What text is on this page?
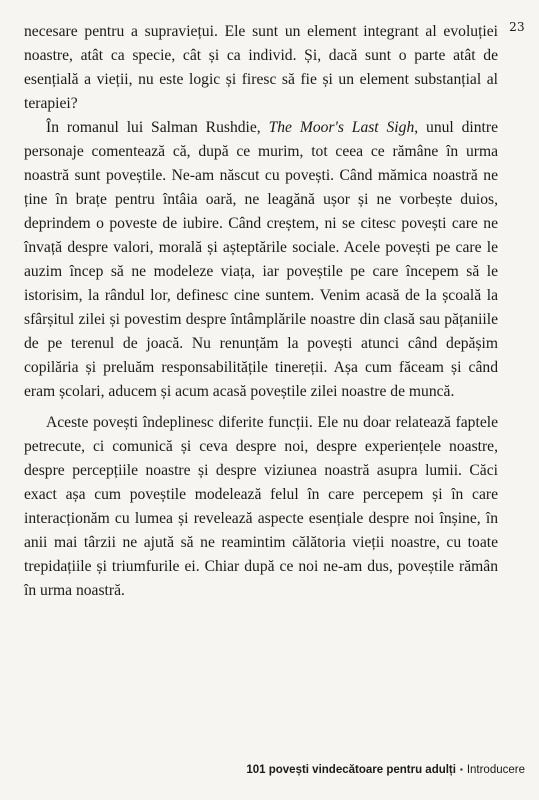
23

necesare pentru a supraviețui. Ele sunt un element integrant al evoluției noastre, atât ca specie, cât și ca individ. Și, dacă sunt o parte atât de esențială a vieții, nu este logic și firesc să fie și un element substanțial al terapiei?

În romanul lui Salman Rushdie, The Moor's Last Sigh, unul dintre personaje comentează că, după ce murim, tot ceea ce rămâne în urma noastră sunt poveștile. Ne-am născut cu povești. Când mămica noastră ne ține în brațe pentru întâia oară, ne leagănă ușor și ne vorbește duios, deprindem o poveste de iubire. Când creștem, ni se citesc povești care ne învață despre valori, morală și așteptările sociale. Acele povești pe care le auzim încep să ne modeleze viața, iar poveștile pe care începem să le istorisim, la rândul lor, definesc cine suntem. Venim acasă de la școală la sfârșitul zilei și povestim despre întâmplările noastre din clasă sau pățaniile de pe terenul de joacă. Nu renunțăm la povești atunci când depășim copilăria și preluăm responsabilitățile tinereții. Așa cum făceam și când eram școlari, aducem și acum acasă poveștile zilei noastre de muncă.

Aceste povești îndeplinesc diferite funcții. Ele nu doar relatează faptele petrecute, ci comunică și ceva despre noi, despre experiențele noastre, despre percepțiile noastre și despre viziunea noastră asupra lumii. Căci exact așa cum poveștile modelează felul în care percepem și în care interacționăm cu lumea și revelează aspecte esențiale despre noi înșine, în anii mai târzii ne ajută să ne reamintim călătoria vieții noastre, cu toate trepidațiile și triumfurile ei. Chiar după ce noi ne-am dus, poveștile rămân în urma noastră.

101 povești vindecătoare pentru adulți ▪ Introducere
